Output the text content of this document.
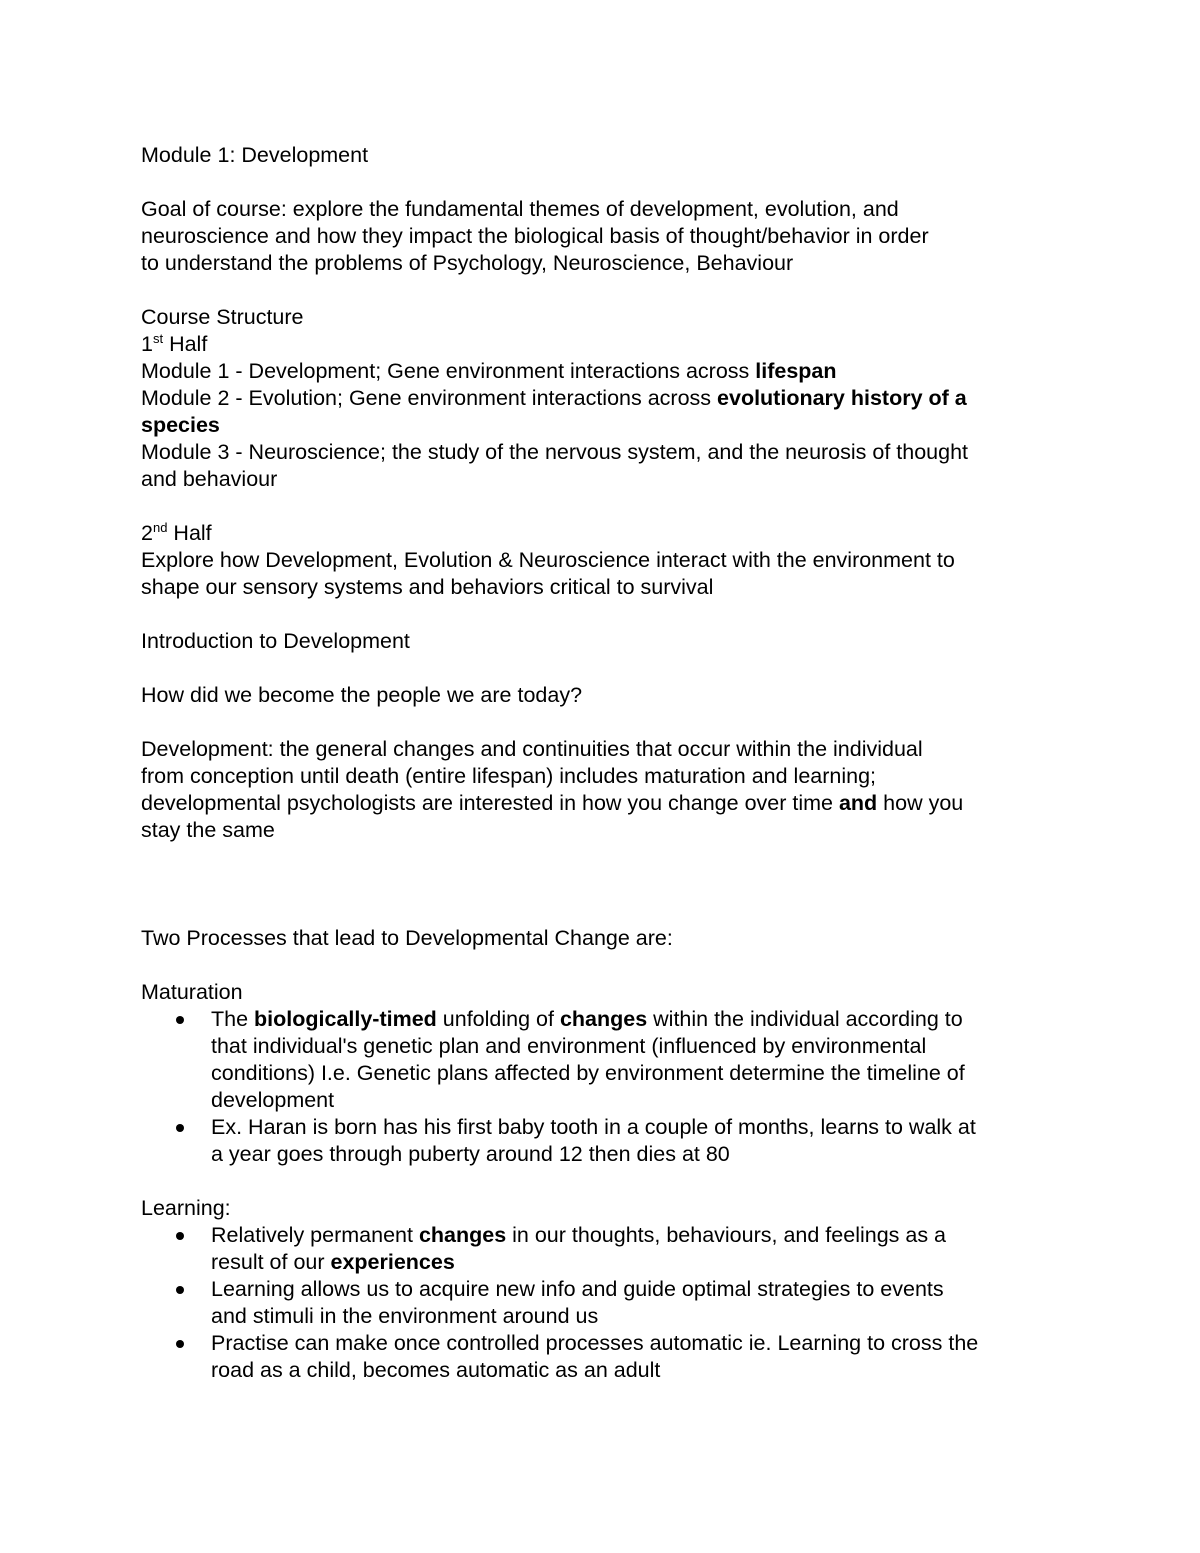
Module 1: Development
Goal of course: explore the fundamental themes of development, evolution, and
neuroscience and how they impact the biological basis of thought/behavior in order
to understand the problems of Psychology, Neuroscience, Behaviour
Course Structure
1st Half
Module 1 - Development; Gene environment interactions across lifespan
Module 2 - Evolution; Gene environment interactions across evolutionary history of a
species
Module 3 - Neuroscience; the study of the nervous system, and the neurosis of thought
and behaviour
2nd Half
Explore how Development, Evolution & Neuroscience interact with the environment to
shape our sensory systems and behaviors critical to survival
Introduction to Development
How did we become the people we are today?
Development: the general changes and continuities that occur within the individual
from conception until death (entire lifespan) includes maturation and learning;
developmental psychologists are interested in how you change over time and how you
stay the same
Two Processes that lead to Developmental Change are:
Maturation
The biologically-timed unfolding of changes within the individual according to
that individual's genetic plan and environment (influenced by environmental
conditions) I.e. Genetic plans affected by environment determine the timeline of
development
Ex. Haran is born has his first baby tooth in a couple of months, learns to walk at
a year goes through puberty around 12 then dies at 80
Learning:
Relatively permanent changes in our thoughts, behaviours, and feelings as a
result of our experiences
Learning allows us to acquire new info and guide optimal strategies to events
and stimuli in the environment around us
Practise can make once controlled processes automatic ie. Learning to cross the
road as a child, becomes automatic as an adult
